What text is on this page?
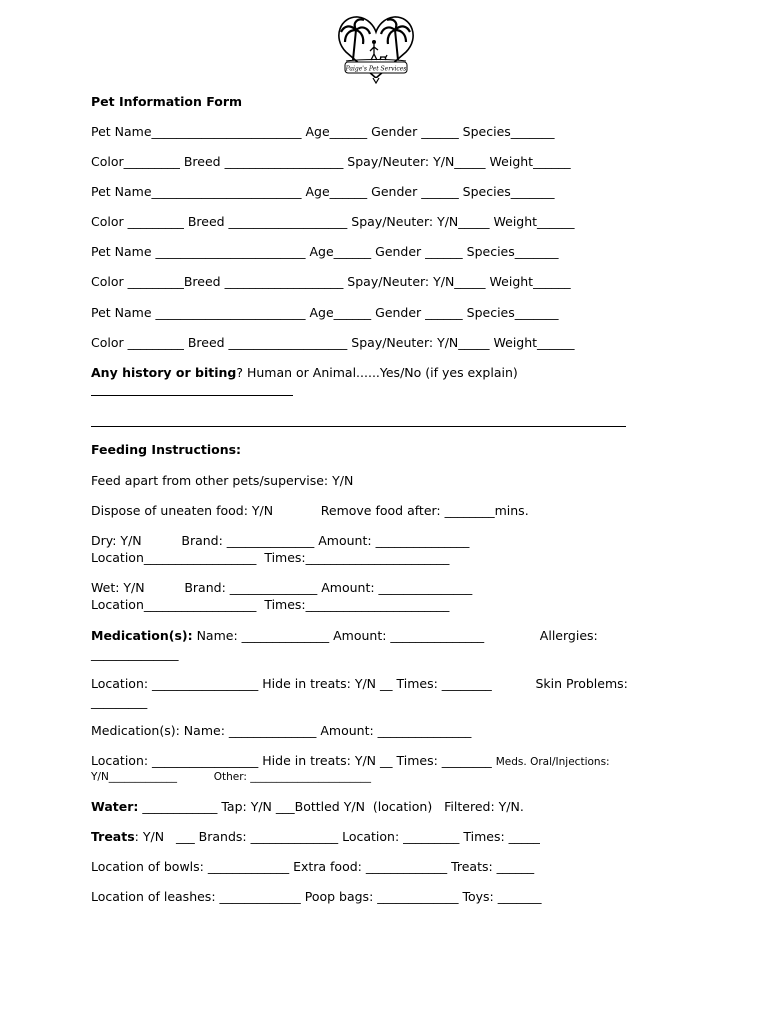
Paige's Pet Services
Pet Information Form
Pet Name________________________ Age______ Gender ______ Species_______
Color_________ Breed ___________________ Spay/Neuter: Y/N_____ Weight______
Pet Name________________________ Age______ Gender ______ Species_______
Color _________ Breed ___________________ Spay/Neuter: Y/N_____ Weight______
Pet Name ________________________ Age______ Gender ______ Species_______
Color _________Breed ___________________ Spay/Neuter: Y/N_____ Weight______
Pet Name ________________________ Age______ Gender ______ Species_______
Color _________ Breed ___________________ Spay/Neuter: Y/N_____ Weight______
Any history or biting? Human or Animal......Yes/No (if yes explain)
Feeding Instructions:
Feed apart from other pets/supervise: Y/N
Dispose of uneaten food: Y/N            Remove food after: ________mins.
Dry: Y/N          Brand: ______________ Amount: _______________
Location__________________  Times:_______________________
Wet: Y/N          Brand: ______________ Amount: _______________
Location__________________  Times:_______________________
Medication(s): Name: ______________ Amount: _______________              Allergies:
______________
Location: _________________ Hide in treats: Y/N __ Times: ________           Skin Problems:
_________
Medication(s): Name: ______________ Amount: _______________
Location: _________________ Hide in treats: Y/N __ Times: ________ Meds. Oral/Injections:
Y/N_____________           Other: _______________________
Water: ____________ Tap: Y/N ___Bottled Y/N  (location)   Filtered: Y/N.
Treats: Y/N   ___ Brands: ______________ Location: _________ Times: _____
Location of bowls: _____________ Extra food: _____________ Treats: ______
Location of leashes: _____________ Poop bags: _____________ Toys: _______
